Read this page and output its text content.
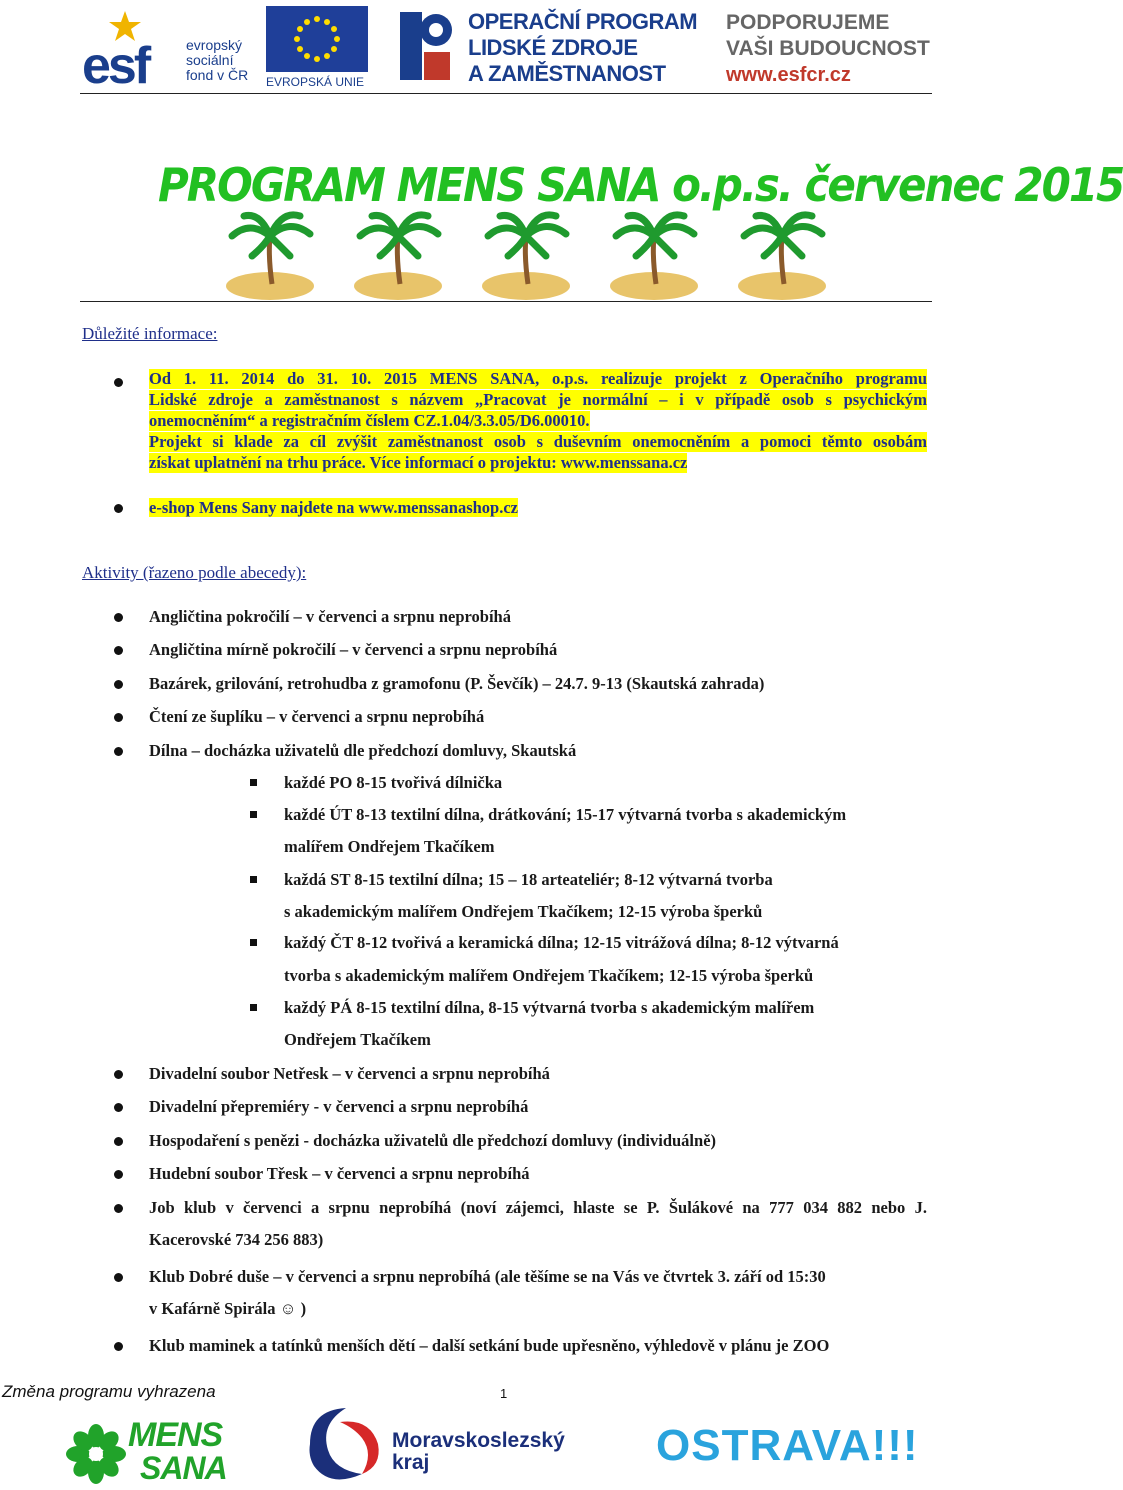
esf	evropský
sociální
fond v ČR EVROPSKÁ UNIE
OPERAČNÍ PROGRAM
LIDSKÉ ZDROJE
A ZAMĚSTNANOST
PODPORUJEME
VAŠI BUDOUCNOST
www.esfcr.cz
PROGRAM MENS SANA o.p.s. červenec 2015
Důležité informace:
Od 1. 11. 2014 do 31. 10. 2015 MENS SANA, o.p.s. realizuje projekt z Operačního programu
Lidské zdroje a zaměstnanost s názvem „Pracovat je normální – i v případě osob s psychickým
onemocněním“ a registračním číslem CZ.1.04/3.3.05/D6.00010.
Projekt si klade za cíl zvýšit zaměstnanost osob s duševním onemocněním a pomoci těmto osobám
získat uplatnění na trhu práce. Více informací o projektu: www.menssana.cz
e-shop Mens Sany najdete na www.menssanashop.cz
Aktivity (řazeno podle abecedy):
Angličtina pokročilí – v červenci a srpnu neprobíhá
Angličtina mírně pokročilí – v červenci a srpnu neprobíhá
Bazárek, grilování, retrohudba z gramofonu (P. Ševčík) – 24.7. 9-13 (Skautská zahrada)
Čtení ze šuplíku – v červenci a srpnu neprobíhá
Dílna – docházka uživatelů dle předchozí domluvy, Skautská
každé PO 8-15 tvořivá dílnička
každé ÚT 8-13 textilní dílna, drátkování; 15-17 výtvarná tvorba s akademickým
malířem Ondřejem Tkačíkem
každá ST 8-15 textilní dílna; 15 – 18 arteateliér; 8-12 výtvarná tvorba
s akademickým malířem Ondřejem Tkačíkem; 12-15 výroba šperků
každý ČT 8-12 tvořivá a keramická dílna; 12-15 vitrážová dílna; 8-12 výtvarná
tvorba s akademickým malířem Ondřejem Tkačíkem; 12-15 výroba šperků
každý PÁ 8-15 textilní dílna, 8-15 výtvarná tvorba s akademickým malířem
Ondřejem Tkačíkem
Divadelní soubor Netřesk – v červenci a srpnu neprobíhá
Divadelní přepremiéry - v červenci a srpnu neprobíhá
Hospodaření s penězi - docházka uživatelů dle předchozí domluvy (individuálně)
Hudební soubor Třesk – v červenci a srpnu neprobíhá
Job klub v červenci a srpnu neprobíhá (noví zájemci, hlaste se P. Šulákové na 777 034 882 nebo J.
Kacerovské 734 256 883)
Klub Dobré duše – v červenci a srpnu neprobíhá (ale těšíme se na Vás ve čtvrtek 3. září od 15:30
v Kafárně Spirála ☺ )
Klub maminek a tatínků menších dětí – další setkání bude upřesněno, výhledově v plánu je ZOO
Změna programu vyhrazena	1
MENS
SANA
Moravskoslezský
kraj	OSTRAVA!!!
